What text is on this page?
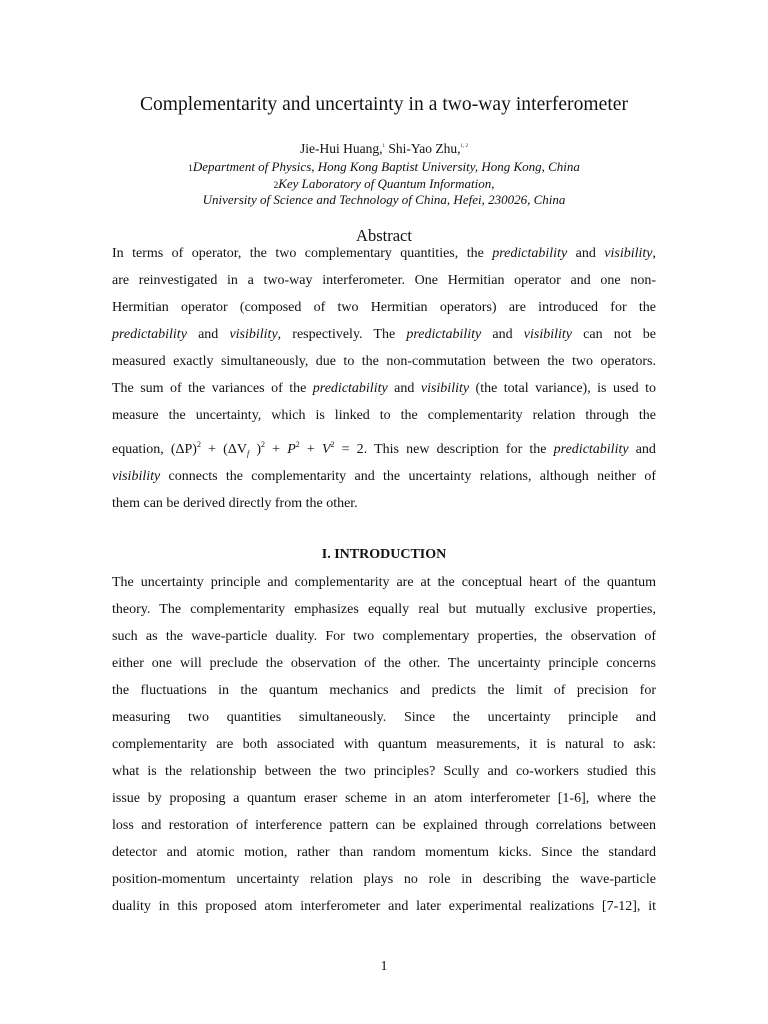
Complementarity and uncertainty in a two-way interferometer
Jie-Hui Huang,$^1$ Shi-Yao Zhu,$^{1, 2}$
1Department of Physics, Hong Kong Baptist University, Hong Kong, China
2Key Laboratory of Quantum Information,
University of Science and Technology of China, Hefei, 230026, China
Abstract
In terms of operator, the two complementary quantities, the predictability and visibility,
are reinvestigated in a two-way interferometer. One Hermitian operator and one non-
Hermitian operator (composed of two Hermitian operators) are introduced for the
predictability and visibility, respectively. The predictability and visibility can not be
measured exactly simultaneously, due to the non-commutation between the two operators.
The sum of the variances of the predictability and visibility (the total variance), is used to
measure the uncertainty, which is linked to the complementarity relation through the
equation, $(\Delta P)^2 + (\Delta V_f$ )$^2 + P^2 + V^2 = 2$. This new description for the predictability and
visibility connects the complementarity and the uncertainty relations, although neither of
them can be derived directly from the other.
I. INTRODUCTION
The uncertainty principle and complementarity are at the conceptual heart of the quantum
theory. The complementarity emphasizes equally real but mutually exclusive properties,
such as the wave-particle duality. For two complementary properties, the observation of
either one will preclude the observation of the other. The uncertainty principle concerns
the fluctuations in the quantum mechanics and predicts the limit of precision for
measuring two quantities simultaneously. Since the uncertainty principle and
complementarity are both associated with quantum measurements, it is natural to ask:
what is the relationship between the two principles? Scully and co-workers studied this
issue by proposing a quantum eraser scheme in an atom interferometer [1-6], where the
loss and restoration of interference pattern can be explained through correlations between
detector and atomic motion, rather than random momentum kicks. Since the standard
position-momentum uncertainty relation plays no role in describing the wave-particle
duality in this proposed atom interferometer and later experimental realizations [7-12], it
1
